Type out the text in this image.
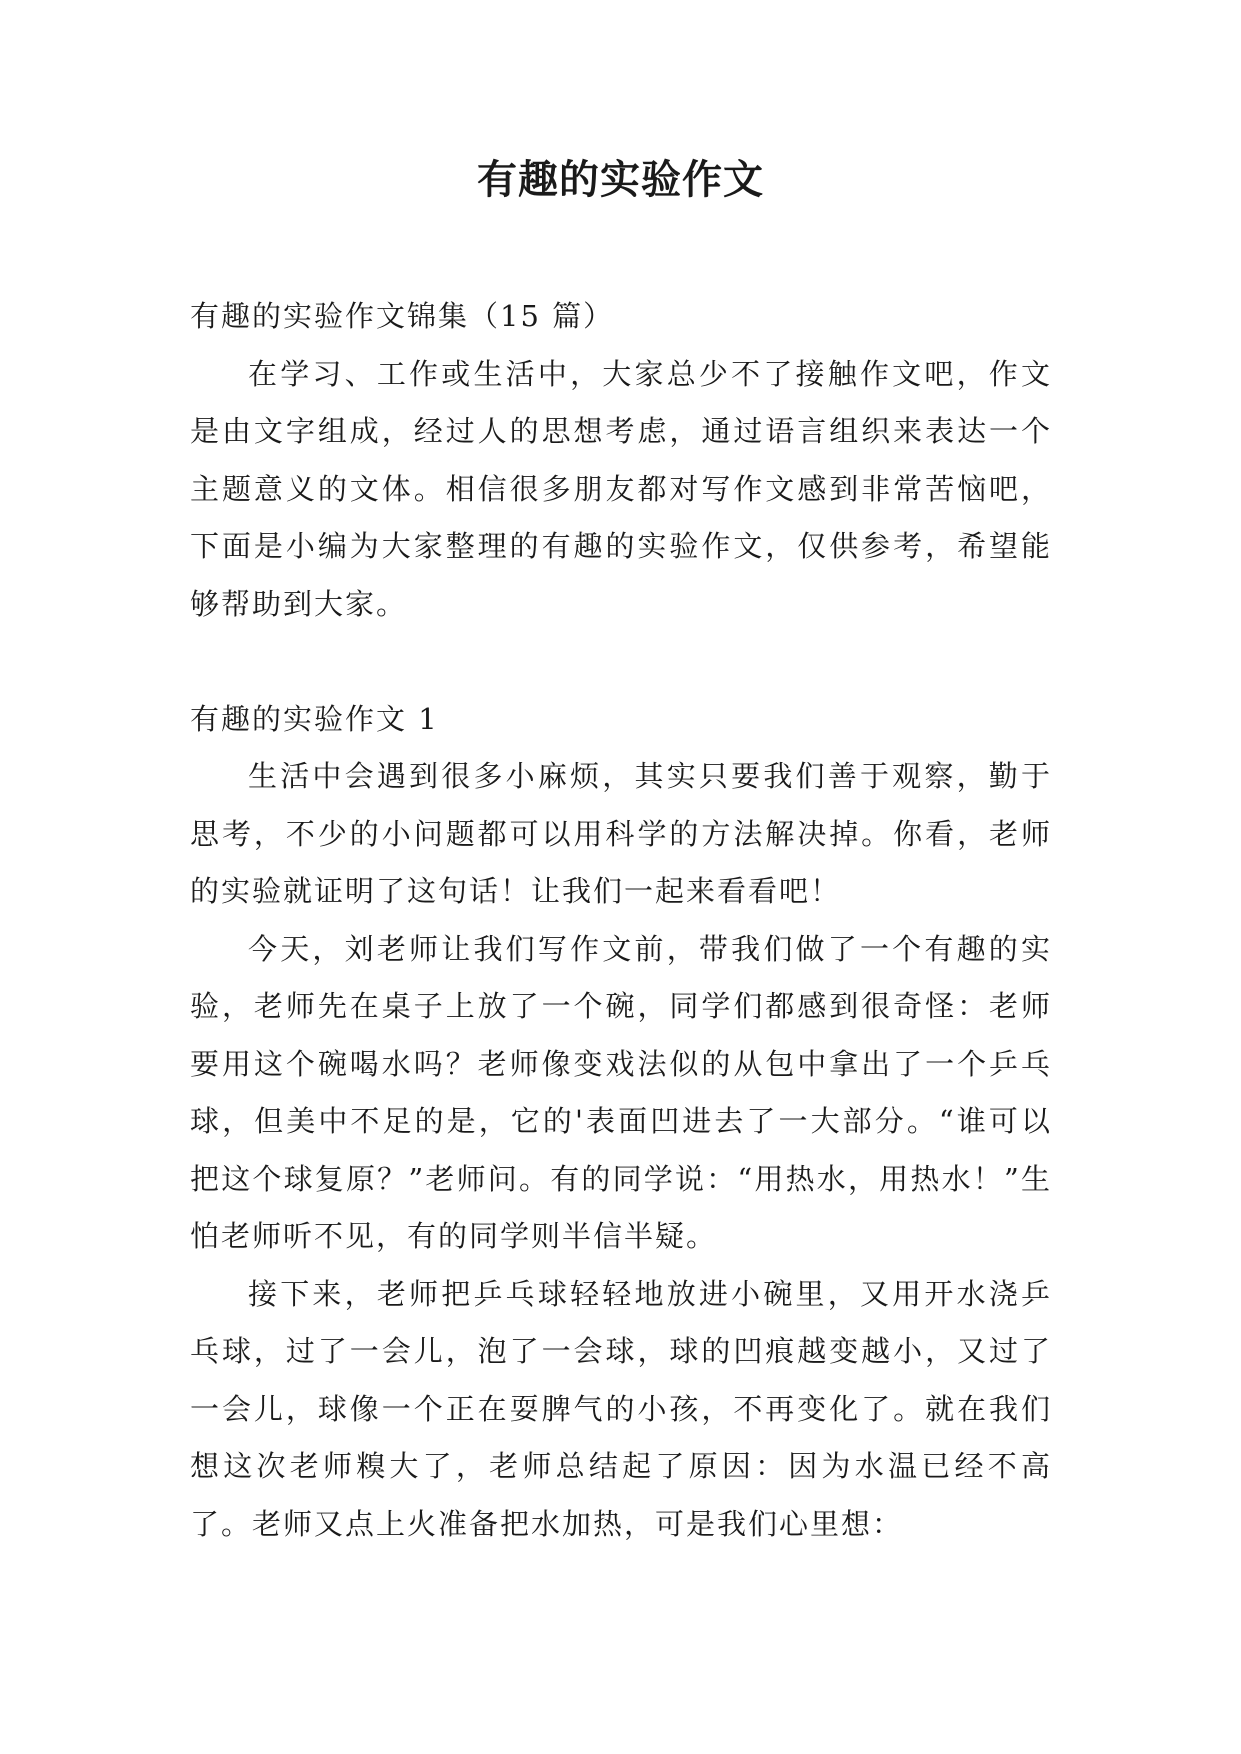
有趣的实验作文

有趣的实验作文锦集（15 篇）

在学习、工作或生活中，大家总少不了接触作文吧，作文是由文字组成，经过人的思想考虑，通过语言组织来表达一个主题意义的文体。相信很多朋友都对写作文感到非常苦恼吧，下面是小编为大家整理的有趣的实验作文，仅供参考，希望能够帮助到大家。

有趣的实验作文 1

生活中会遇到很多小麻烦，其实只要我们善于观察，勤于思考，不少的小问题都可以用科学的方法解决掉。你看，老师的实验就证明了这句话！让我们一起来看看吧！

今天，刘老师让我们写作文前，带我们做了一个有趣的实验，老师先在桌子上放了一个碗，同学们都感到很奇怪：老师要用这个碗喝水吗？老师像变戏法似的从包中拿出了一个乒乓球，但美中不足的是，它的'表面凹进去了一大部分。“谁可以把这个球复原？”老师问。有的同学说：“用热水，用热水！”生怕老师听不见，有的同学则半信半疑。

接下来，老师把乒乓球轻轻地放进小碗里，又用开水浇乒乓球，过了一会儿，泡了一会球，球的凹痕越变越小，又过了一会儿，球像一个正在耍脾气的小孩，不再变化了。就在我们想这次老师糗大了，老师总结起了原因：因为水温已经不高了。老师又点上火准备把水加热，可是我们心里想：
